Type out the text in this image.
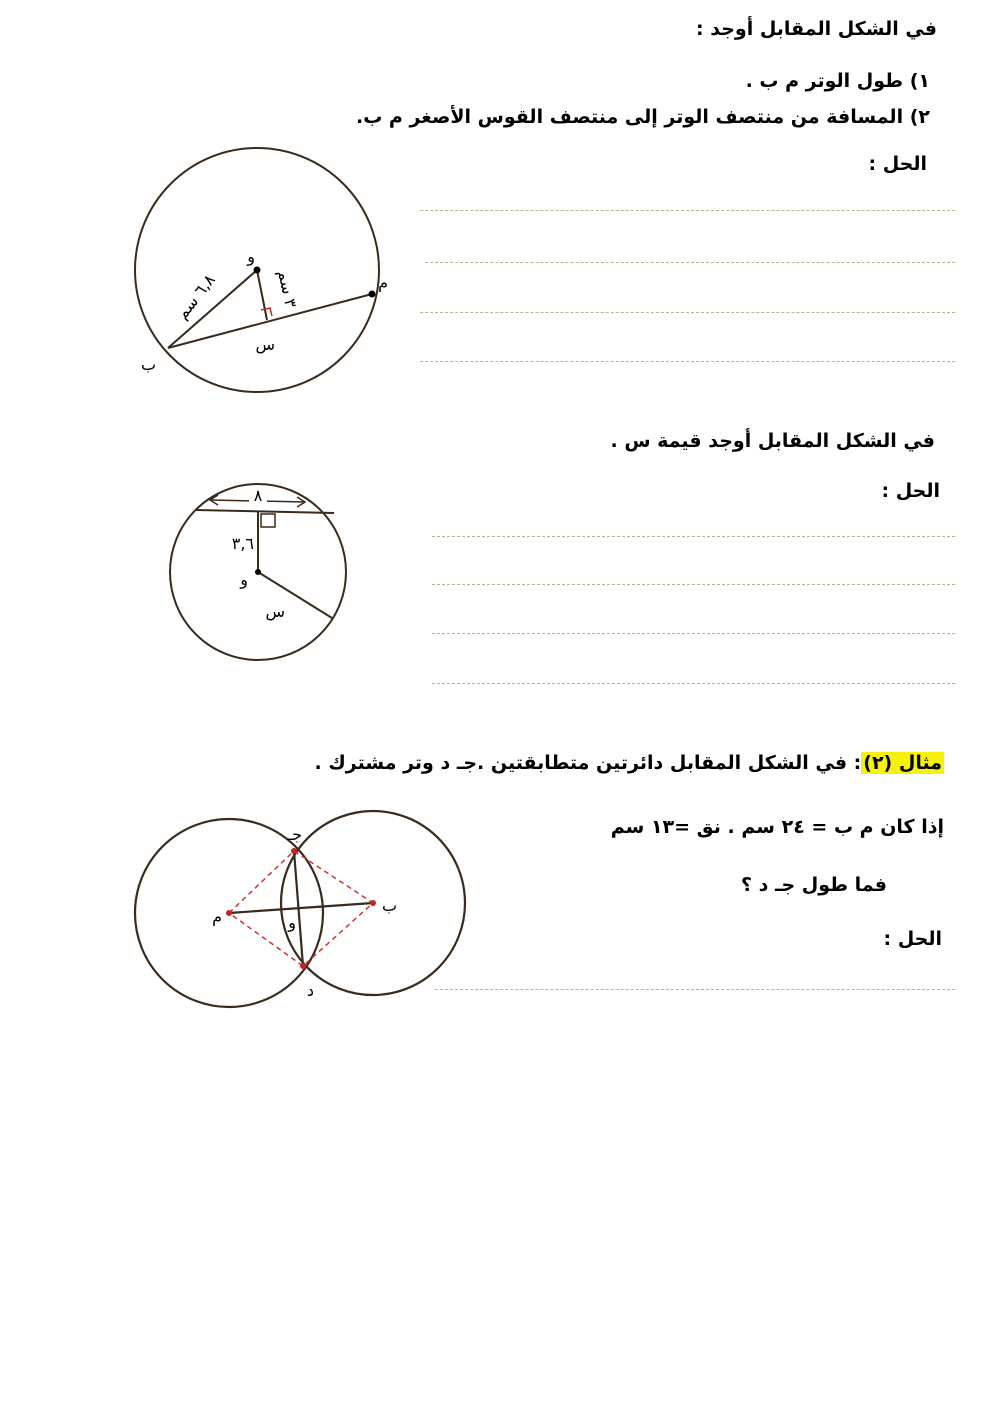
في الشكل المقابل أوجد :
١) طول الوتر ﻡ ب .
٢) المسافة من منتصف الوتر إلى منتصف القوس الأصغر ﻡ ب.
الحل :
في الشكل المقابل أوجد قيمة س .
الحل :
مثال (٢): في الشكل المقابل دائرتين متطابقتين .جـ د وتر مشترك .
إذا كان ﻡ ب = ٢٤ سم . نق =١٣ سم
فما طول جـ د ؟
الحل :
و
ﻡ
ب
س
٦,٨ سم	٣ سم
٨
٣,٦
و
س
ﻡ
ب
جـ
د
و
